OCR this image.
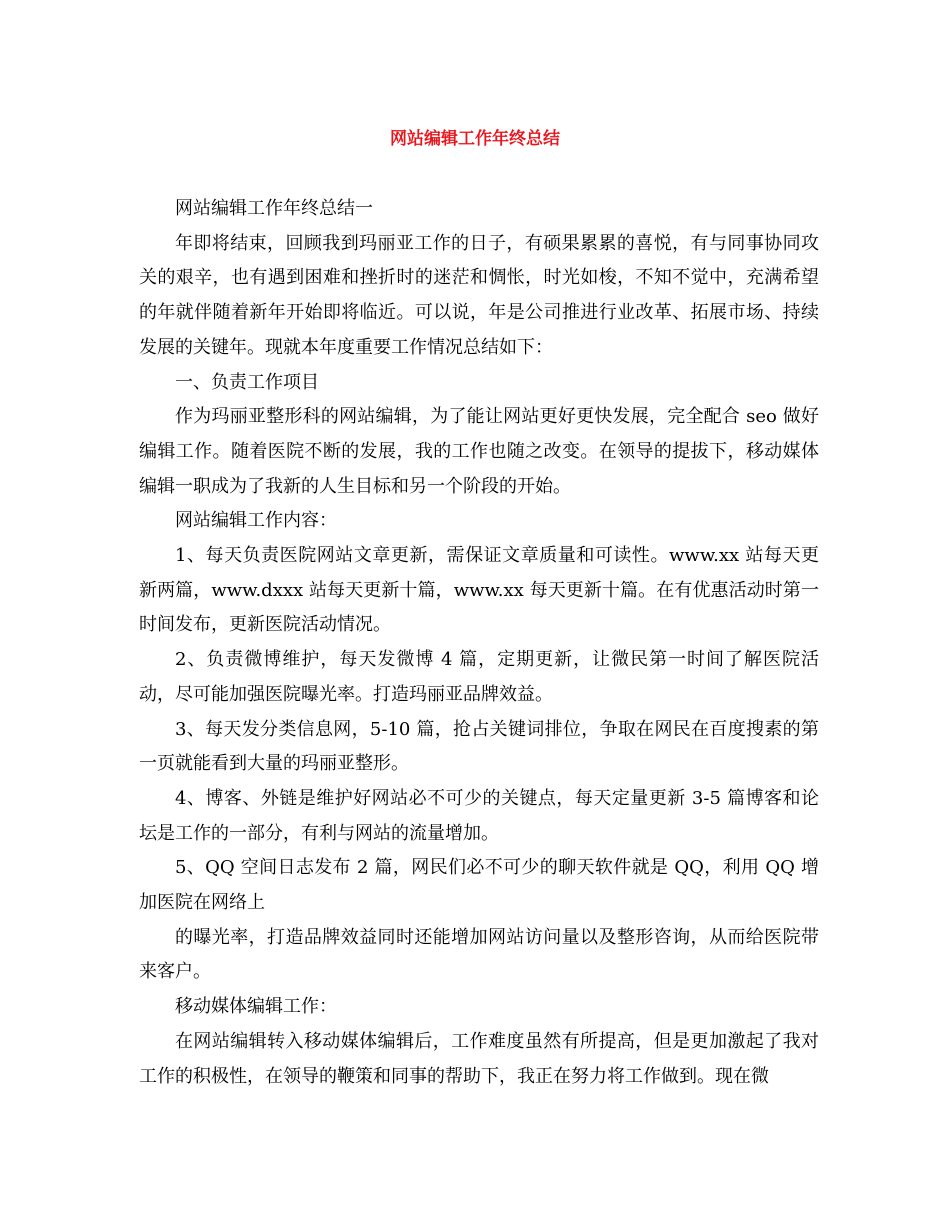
网站编辑工作年终总结

网站编辑工作年终总结一

年即将结束，回顾我到玛丽亚工作的日子，有硕果累累的喜悦，有与同事协同攻关的艰辛，也有遇到困难和挫折时的迷茫和惆怅，时光如梭，不知不觉中，充满希望的年就伴随着新年开始即将临近。可以说，年是公司推进行业改革、拓展市场、持续发展的关键年。现就本年度重要工作情况总结如下：

一、负责工作项目

作为玛丽亚整形科的网站编辑，为了能让网站更好更快发展，完全配合 seo 做好编辑工作。随着医院不断的发展，我的工作也随之改变。在领导的提拔下，移动媒体编辑一职成为了我新的人生目标和另一个阶段的开始。

网站编辑工作内容：

1、每天负责医院网站文章更新，需保证文章质量和可读性。www.xx 站每天更新两篇，www.dxxx 站每天更新十篇，www.xx 每天更新十篇。在有优惠活动时第一时间发布，更新医院活动情况。

2、负责微博维护，每天发微博 4 篇，定期更新，让微民第一时间了解医院活动，尽可能加强医院曝光率。打造玛丽亚品牌效益。

3、每天发分类信息网，5-10 篇，抢占关键词排位，争取在网民在百度搜素的第一页就能看到大量的玛丽亚整形。

4、博客、外链是维护好网站必不可少的关键点，每天定量更新 3-5 篇博客和论坛是工作的一部分，有利与网站的流量增加。

5、QQ 空间日志发布 2 篇，网民们必不可少的聊天软件就是 QQ，利用 QQ 增加医院在网络上

的曝光率，打造品牌效益同时还能增加网站访问量以及整形咨询，从而给医院带来客户。

移动媒体编辑工作：

在网站编辑转入移动媒体编辑后，工作难度虽然有所提高，但是更加激起了我对工作的积极性，在领导的鞭策和同事的帮助下，我正在努力将工作做到。现在微
